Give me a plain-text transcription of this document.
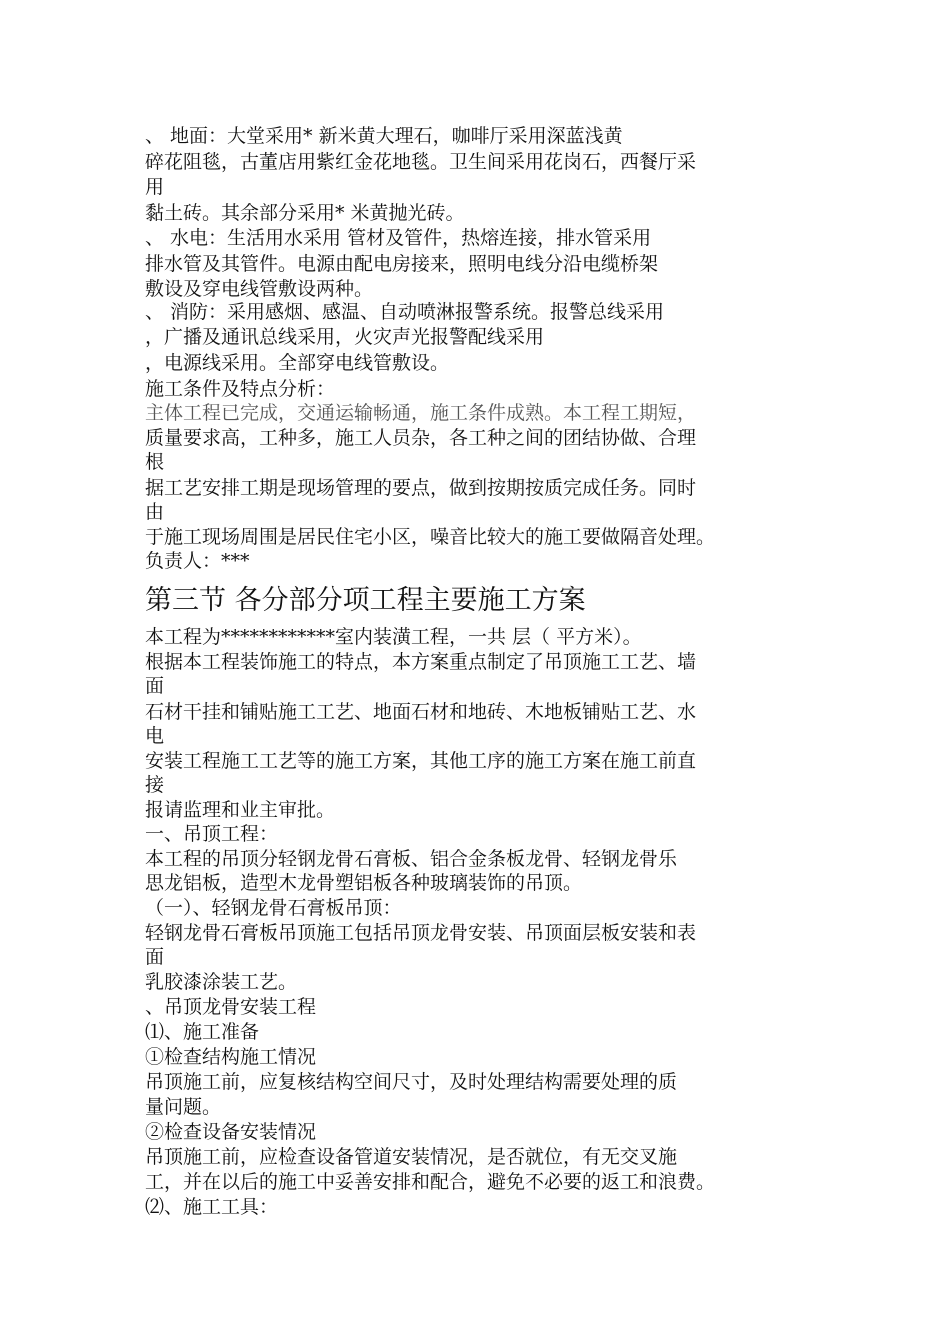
、 地面：大堂采用* 新米黄大理石，咖啡厅采用深蓝浅黄
碎花阻毯，古董店用紫红金花地毯。卫生间采用花岗石，西餐厅采
用
黏土砖。其余部分采用* 米黄抛光砖。
、 水电：生活用水采用 管材及管件，热熔连接，排水管采用
排水管及其管件。电源由配电房接来，照明电线分沿电缆桥架
敷设及穿电线管敷设两种。
、 消防：采用感烟、感温、自动喷淋报警系统。报警总线采用
，广播及通讯总线采用，火灾声光报警配线采用
，电源线采用。全部穿电线管敷设。
施工条件及特点分析：
主体工程已完成，交通运输畅通，施工条件成熟。本工程工期短，
质量要求高，工种多，施工人员杂，各工种之间的团结协做、合理
根
据工艺安排工期是现场管理的要点，做到按期按质完成任务。同时
由
于施工现场周围是居民住宅小区，噪音比较大的施工要做隔音处理。
负责人：***
第三节 各分部分项工程主要施工方案
本工程为************室内装潢工程，一共 层（ 平方米）。
根据本工程装饰施工的特点，本方案重点制定了吊顶施工工艺、墙
面
石材干挂和铺贴施工工艺、地面石材和地砖、木地板铺贴工艺、水
电
安装工程施工工艺等的施工方案，其他工序的施工方案在施工前直
接
报请监理和业主审批。
一、吊顶工程：
本工程的吊顶分轻钢龙骨石膏板、铝合金条板龙骨、轻钢龙骨乐
思龙铝板，造型木龙骨塑铝板各种玻璃装饰的吊顶。
（一）、轻钢龙骨石膏板吊顶：
轻钢龙骨石膏板吊顶施工包括吊顶龙骨安装、吊顶面层板安装和表
面
乳胶漆涂装工艺。
、吊顶龙骨安装工程
⑴、施工准备
①检查结构施工情况
吊顶施工前，应复核结构空间尺寸，及时处理结构需要处理的质
量问题。
②检查设备安装情况
吊顶施工前，应检查设备管道安装情况，是否就位，有无交叉施
工，并在以后的施工中妥善安排和配合，避免不必要的返工和浪费。
⑵、施工工具：
